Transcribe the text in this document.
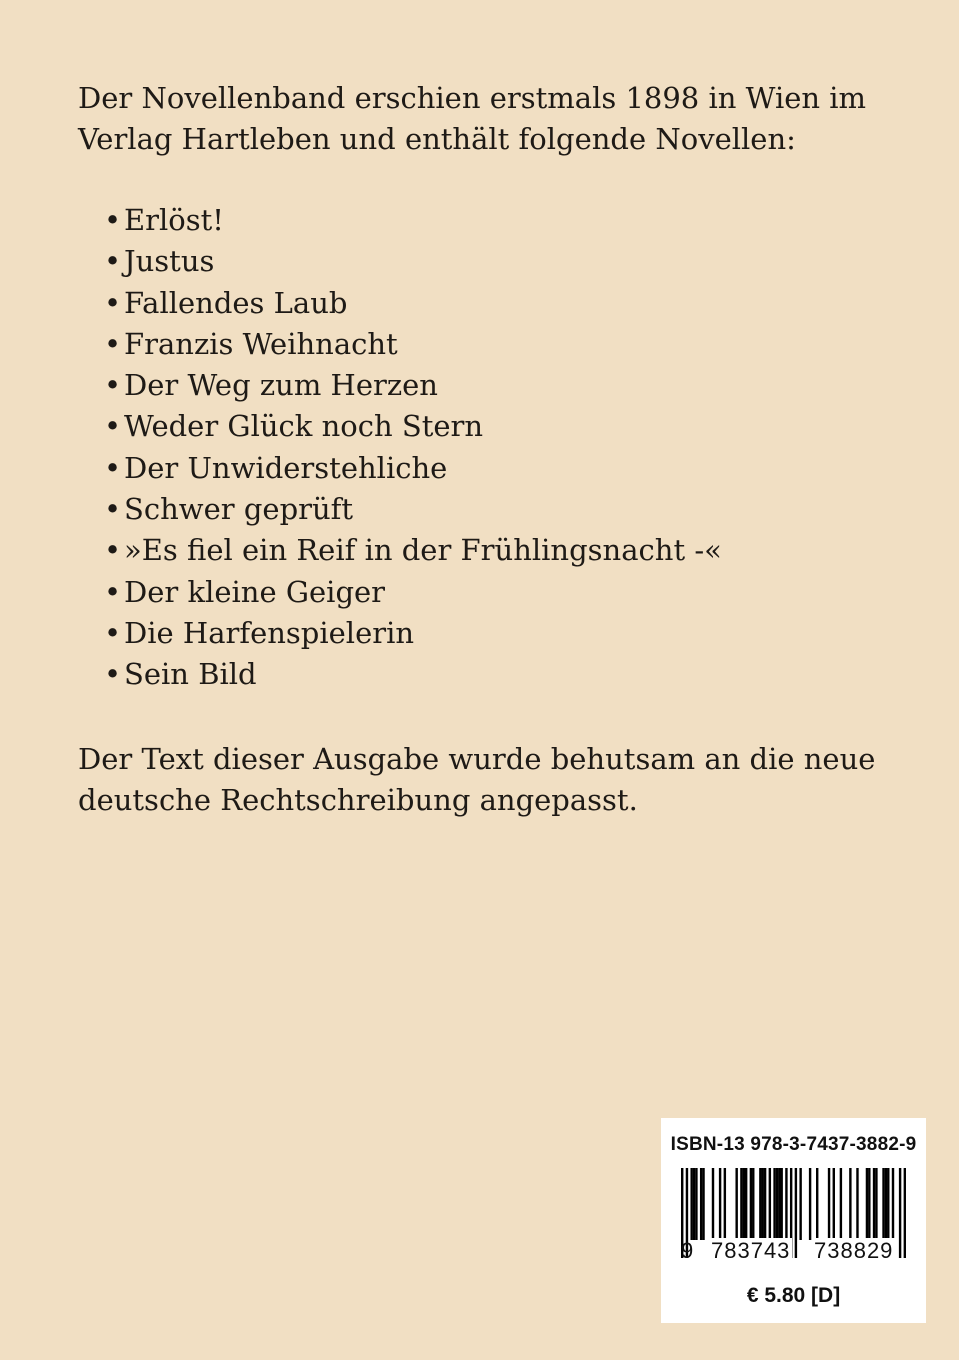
Der Novellenband erschien erstmals 1898 in Wien im Verlag Hartleben und enthält folgende Novellen:

•Erlöst!
•Justus
•Fallendes Laub
•Franzis Weihnacht
•Der Weg zum Herzen
•Weder Glück noch Stern
•Der Unwiderstehliche
•Schwer geprüft
•»Es fiel ein Reif in der Frühlingsnacht -«
•Der kleine Geiger
•Die Harfenspielerin
•Sein Bild

Der Text dieser Ausgabe wurde behutsam an die neue deutsche Rechtschreibung angepasst.

ISBN-13 978-3-7437-3882-9
9 783743 738829
€ 5.80 [D]
